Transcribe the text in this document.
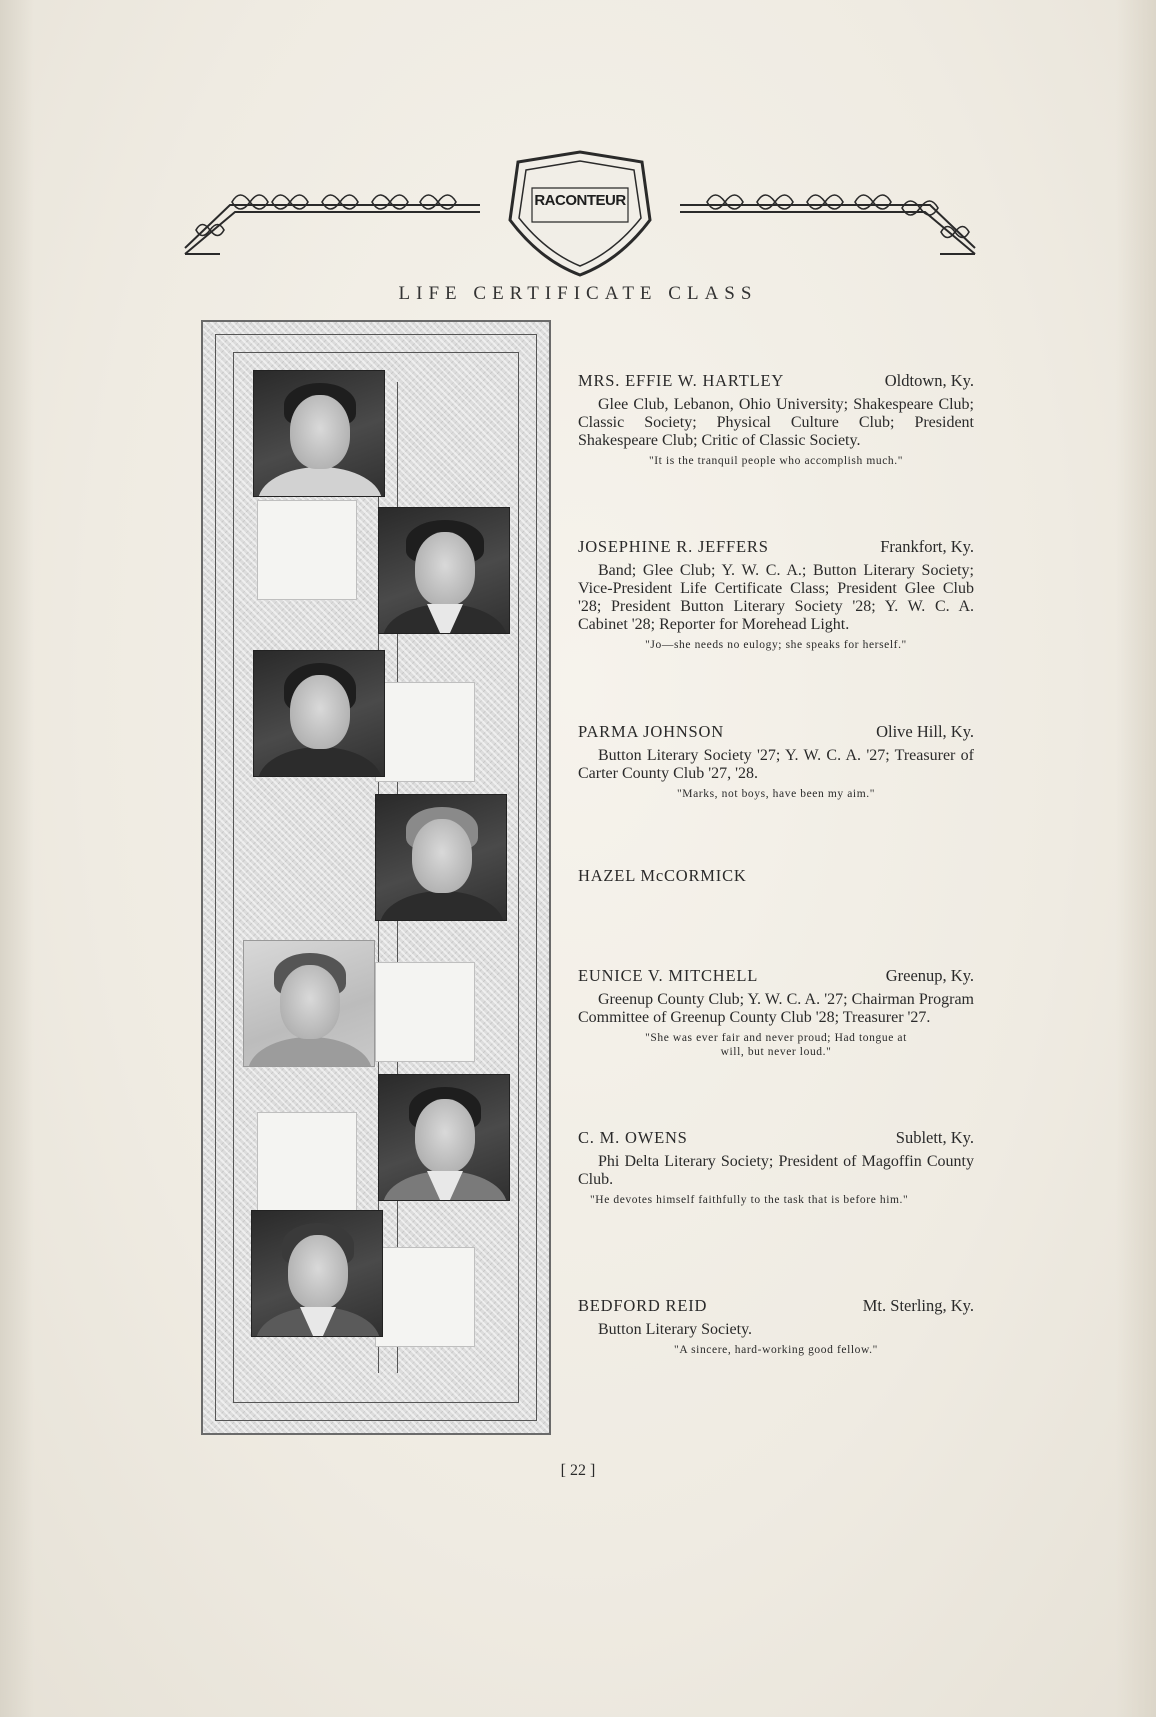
RACONTEUR
LIFE CERTIFICATE CLASS
MRS. EFFIE W. HARTLEY	Oldtown, Ky.

Glee Club, Lebanon, Ohio University; Shakespeare Club; Classic Society; Physical Culture Club; President Shakespeare Club; Critic of Classic Society.

"It is the tranquil people who accomplish much."

JOSEPHINE R. JEFFERS	Frankfort, Ky.

Band; Glee Club; Y. W. C. A.; Button Literary Society; Vice-President Life Certificate Class; President Glee Club '28; President Button Literary Society '28; Y. W. C. A. Cabinet '28; Reporter for Morehead Light.

"Jo—she needs no eulogy; she speaks for herself."

PARMA JOHNSON	Olive Hill, Ky.

Button Literary Society '27; Y. W. C. A. '27; Treasurer of Carter County Club '27, '28.

"Marks, not boys, have been my aim."

HAZEL McCORMICK
EUNICE V. MITCHELL	Greenup, Ky.

Greenup County Club; Y. W. C. A. '27; Chairman Program Committee of Greenup County Club '28; Treasurer '27.

"She was ever fair and never proud; Had tongue at will, but never loud."

C. M. OWENS	Sublett, Ky.

Phi Delta Literary Society; President of Magoffin County Club.

"He devotes himself faithfully to the task that is before him."

BEDFORD REID	Mt. Sterling, Ky.

Button Literary Society.

"A sincere, hard-working good fellow."

[ 22 ]
